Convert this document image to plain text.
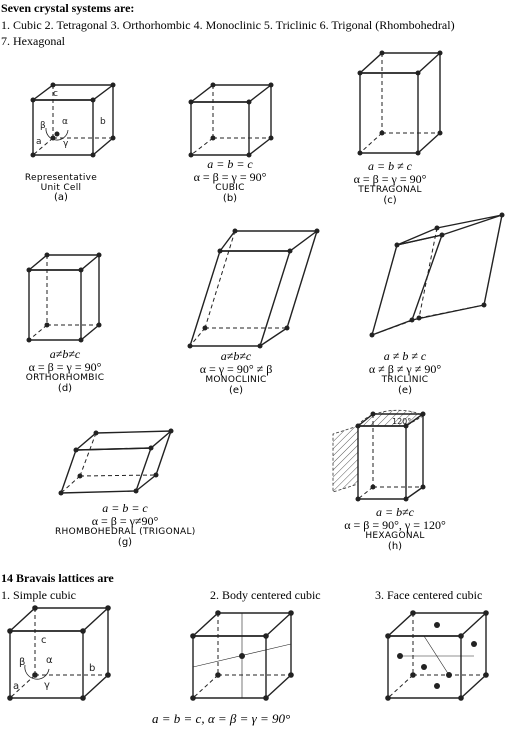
Seven crystal systems are:
1. Cubic 2. Tetragonal 3. Orthorhombic 4. Monoclinic 5. Triclinic 6. Trigonal (Rhombohedral)
7. Hexagonal
c
β α
γ
a
b
Representative
Unit Cell
(a)
a = b = c
α = β = γ = 90°
CUBIC
(b)
a = b ≠ c
α = β = γ = 90°
TETRAGONAL
(c)
a≠b≠c
α = β = γ = 90°
ORTHORHOMBIC
(d)
a≠b≠c
α = γ = 90° ≠ β
MONOCLINIC
(e)
a ≠ b ≠ c
α ≠ β ≠ γ ≠ 90°
TRICLINIC
(e)
a = b = c
α = β = γ≠90°
RHOMBOHEDRAL (TRIGONAL)
(g)
120°
a = b≠c
α = β = 90°, γ = 120°
HEXAGONAL
(h)
14 Bravais lattices are
1. Simple cubic	2. Body centered cubic	3. Face centered cubic
c
β α
γ
a
b
a = b = c, α = β = γ = 90°
